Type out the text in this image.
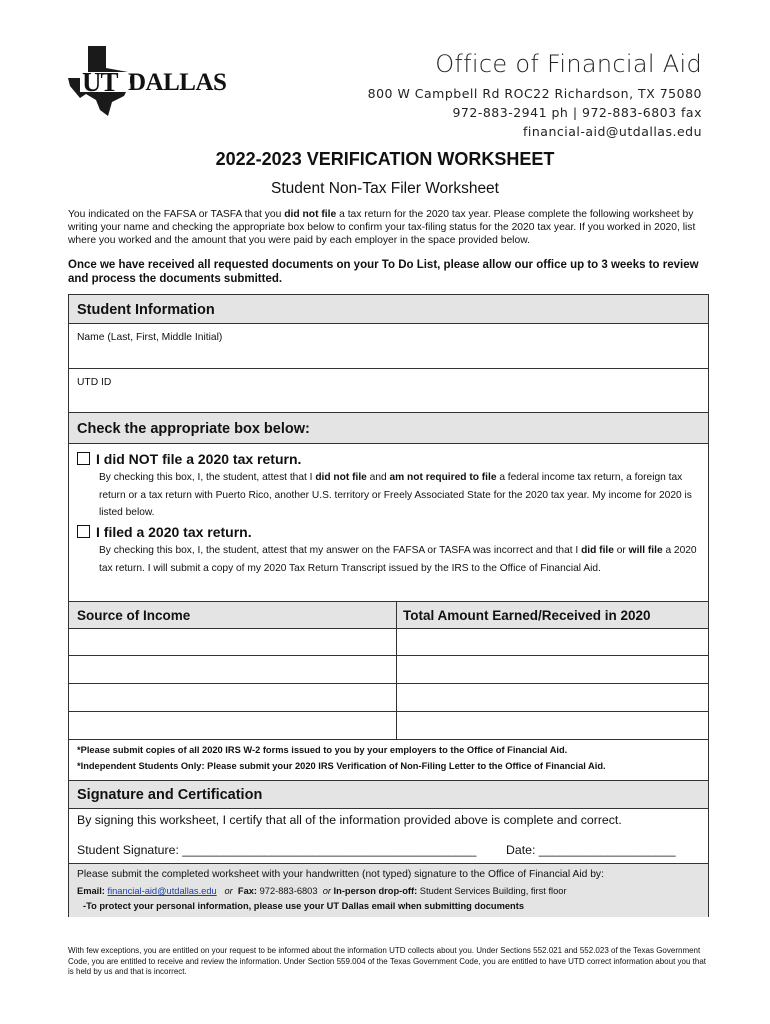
UT DALLAS
Office of Financial Aid
800 W Campbell Rd ROC22 Richardson, TX 75080
972-883-2941 ph | 972-883-6803 fax
financial-aid@utdallas.edu
2022-2023 VERIFICATION WORKSHEET
Student Non-Tax Filer Worksheet
You indicated on the FAFSA or TASFA that you did not file a tax return for the 2020 tax year. Please complete the following worksheet by writing your name and checking the appropriate box below to confirm your tax-filing status for the 2020 tax year. If you worked in 2020, list where you worked and the amount that you were paid by each employer in the space provided below.
Once we have received all requested documents on your To Do List, please allow our office up to 3 weeks to review and process the documents submitted.
Student Information
Name (Last, First, Middle Initial)
UTD ID
Check the appropriate box below:
I did NOT file a 2020 tax return.
By checking this box, I, the student, attest that I did not file and am not required to file a federal income tax return, a foreign tax return or a tax return with Puerto Rico, another U.S. territory or Freely Associated State for the 2020 tax year. My income for 2020 is listed below.
I filed a 2020 tax return.
By checking this box, I, the student, attest that my answer on the FAFSA or TASFA was incorrect and that I did file or will file a 2020 tax return. I will submit a copy of my 2020 Tax Return Transcript issued by the IRS to the Office of Financial Aid.
Source of Income	Total Amount Earned/Received in 2020
*Please submit copies of all 2020 IRS W-2 forms issued to you by your employers to the Office of Financial Aid.
*Independent Students Only: Please submit your 2020 IRS Verification of Non-Filing Letter to the Office of Financial Aid.
Signature and Certification
By signing this worksheet, I certify that all of the information provided above is complete and correct.
Student Signature: ___________________________________________ Date: ____________________
Please submit the completed worksheet with your handwritten (not typed) signature to the Office of Financial Aid by:
Email: financial-aid@utdallas.edu or Fax: 972-883-6803  or In-person drop-off: Student Services Building, first floor
-To protect your personal information, please use your UT Dallas email when submitting documents
With few exceptions, you are entitled on your request to be informed about the information UTD collects about you. Under Sections 552.021 and 552.023 of the Texas Government Code, you are entitled to receive and review the information. Under Section 559.004 of the Texas Government Code, you are entitled to have UTD correct information about you that is held by us and that is incorrect.
